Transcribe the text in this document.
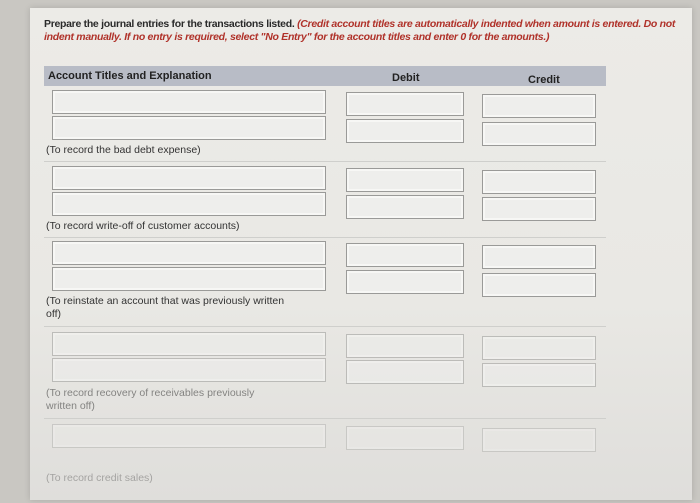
Prepare the journal entries for the transactions listed. (Credit account titles are automatically indented when amount is entered. Do not indent manually. If no entry is required, select "No Entry" for the account titles and enter 0 for the amounts.)
Account Titles and Explanation	Debit	Credit
(To record the bad debt expense)
(To record write-off of customer accounts)
(To reinstate an account that was previously written off)
(To record recovery of receivables previously written off)
(To record credit sales)
